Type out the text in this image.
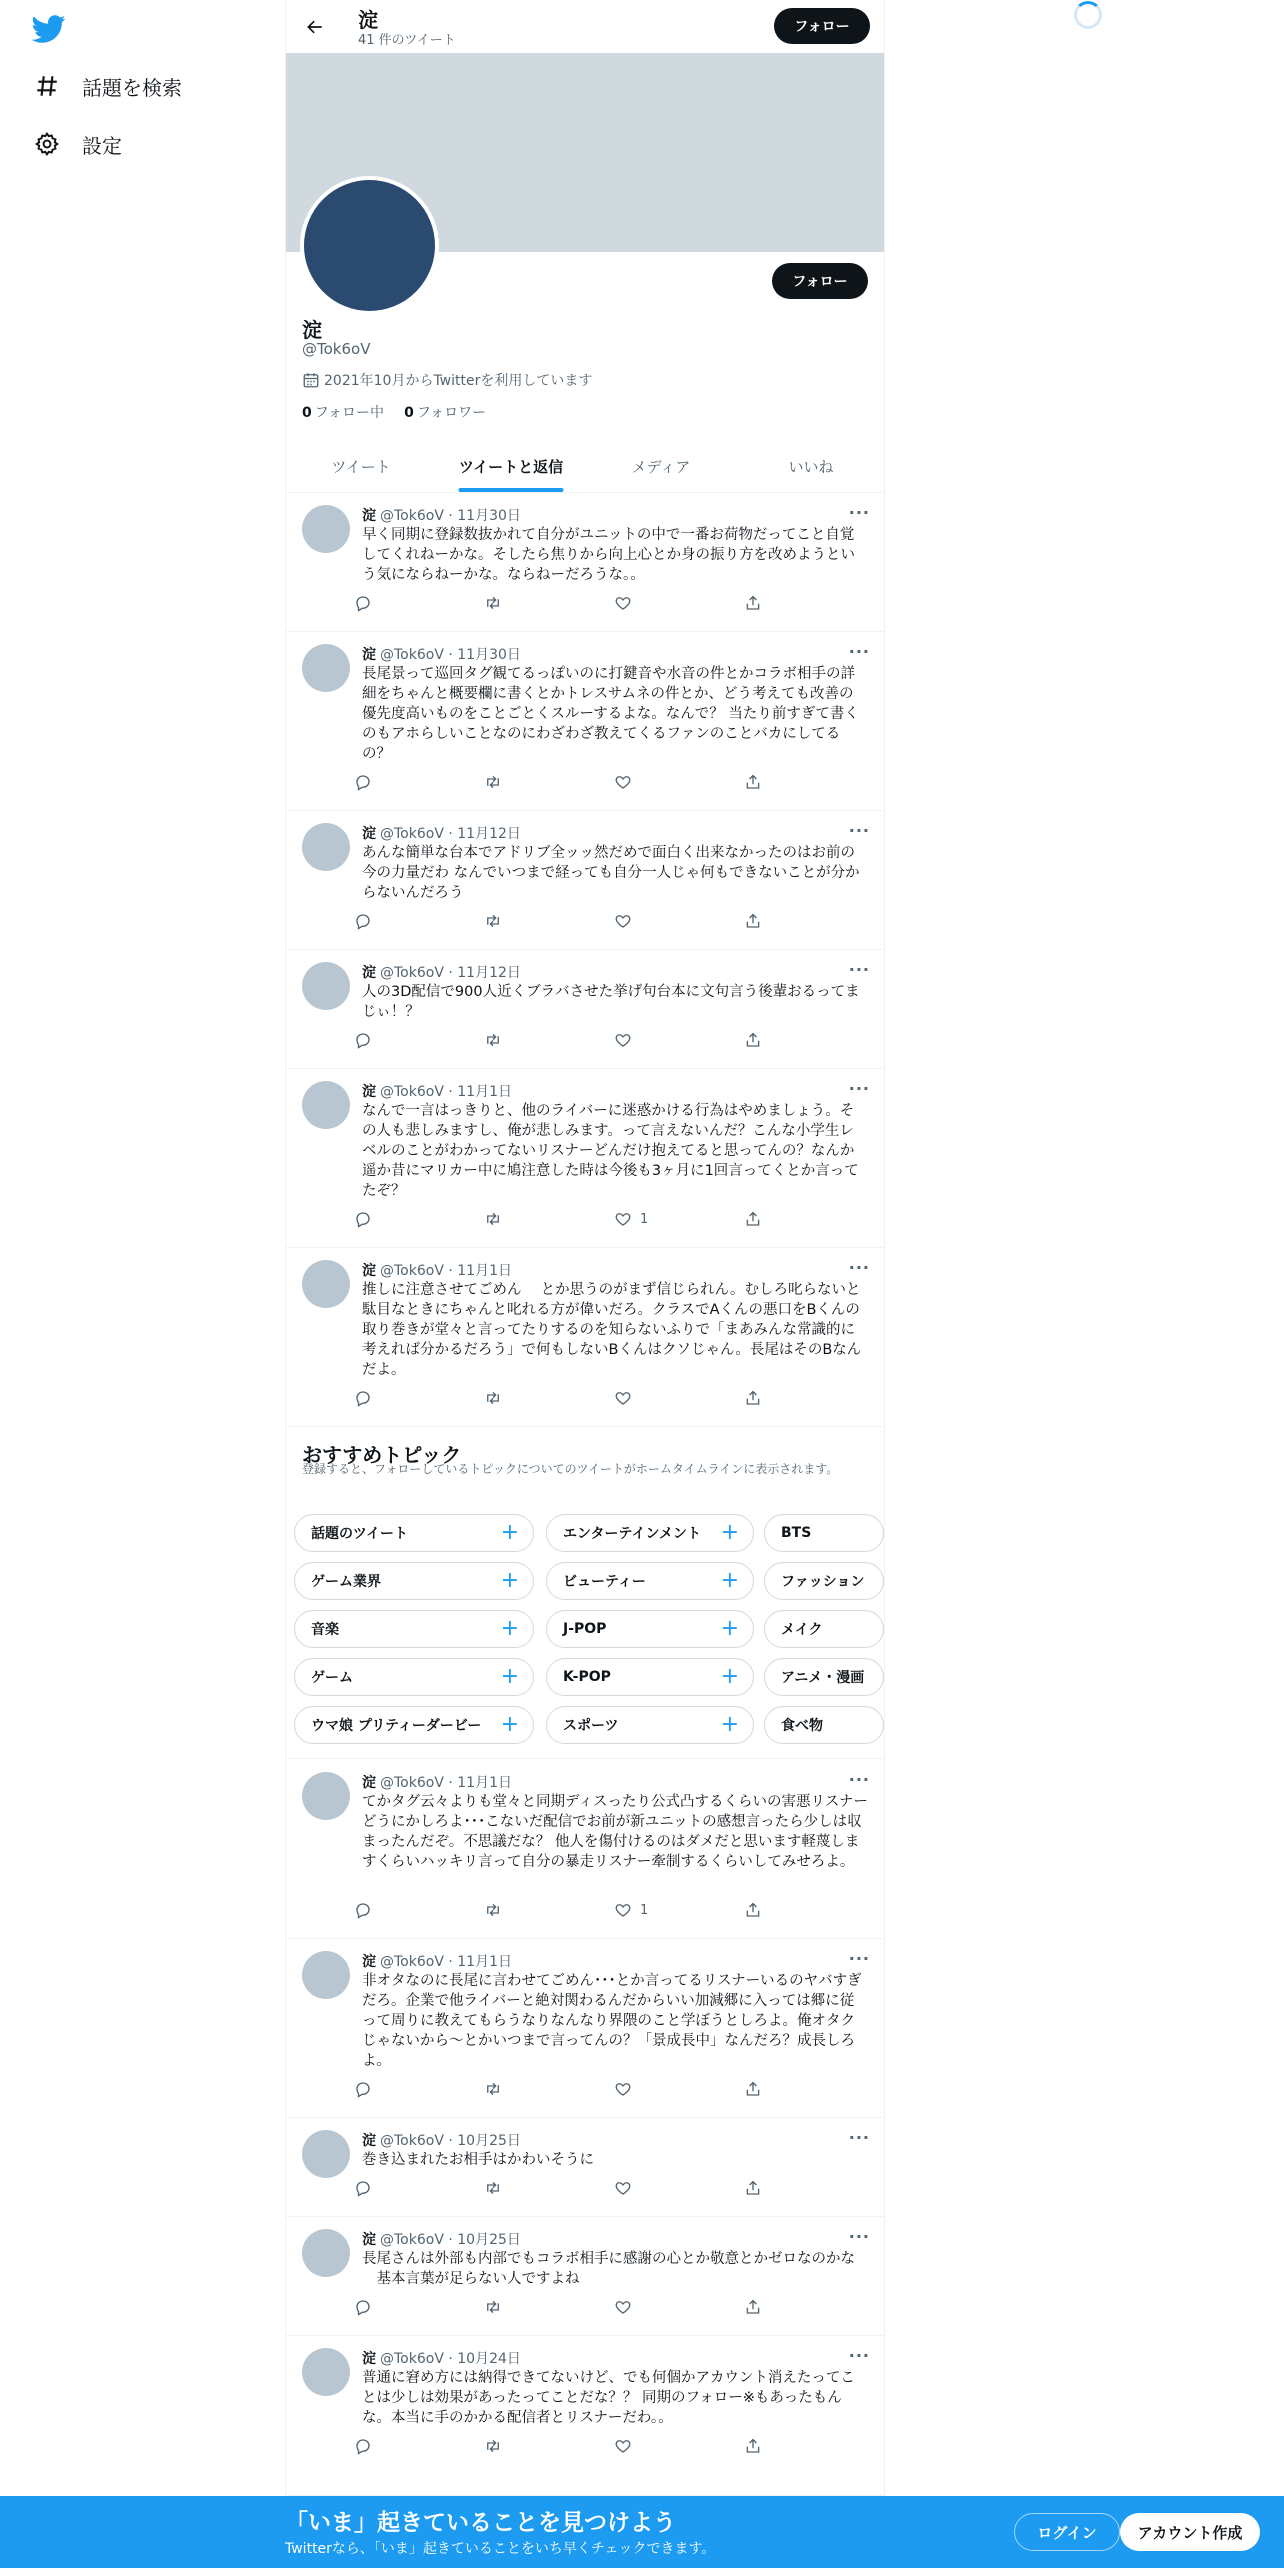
話題を検索
設定
淀
41 件のツイート
フォロー
フォロー
淀
@Tok6oV
2021年10月からTwitterを利用しています
0 フォロー中 0 フォロワー
ツイート	ツイートと返信	メディア	いいね
淀 @Tok6oV · 11月30日	···
早く同期に登録数抜かれて自分がユニットの中で一番お荷物だってこと自覚してくれねーかな。そしたら焦りから向上心とか身の振り方を改めようという気にならねーかな。ならねーだろうな。。
淀 @Tok6oV · 11月30日	···
長尾景って巡回タグ観てるっぽいのに打鍵音や水音の件とかコラボ相手の詳細をちゃんと概要欄に書くとかトレスサムネの件とか、どう考えても改善の優先度高いものをことごとくスルーするよな。なんで？ 当たり前すぎて書くのもアホらしいことなのにわざわざ教えてくるファンのことバカにしてるの？
淀 @Tok6oV · 11月12日	···
あんな簡単な台本でアドリブ全ッッ然だめで面白く出来なかったのはお前の今の力量だわ なんでいつまで経っても自分一人じゃ何もできないことが分からないんだろう
淀 @Tok6oV · 11月12日	···
人の3D配信で900人近くブラバさせた挙げ句台本に文句言う後輩おるってまじぃ！？
淀 @Tok6oV · 11月1日	···
なんで一言はっきりと、他のライバーに迷惑かける行為はやめましょう。その人も悲しみますし、俺が悲しみます。って言えないんだ？こんな小学生レベルのことがわかってないリスナーどんだけ抱えてると思ってんの？なんか遥か昔にマリカー中に鳩注意した時は今後も3ヶ月に1回言ってくとか言ってたぞ？
1
淀 @Tok6oV · 11月1日	···
推しに注意させてごめん 　とか思うのがまず信じられん。むしろ叱らないと駄目なときにちゃんと叱れる方が偉いだろ。クラスでAくんの悪口をBくんの取り巻きが堂々と言ってたりするのを知らないふりで「まあみんな常識的に考えれば分かるだろう」で何もしないBくんはクソじゃん。長尾はそのBなんだよ。
淀 @Tok6oV · 11月1日	···
てかタグ云々よりも堂々と同期ディスったり公式凸するくらいの害悪リスナーどうにかしろよ･･･こないだ配信でお前が新ユニットの感想言ったら少しは収まったんだぞ。不思議だな？ 他人を傷付けるのはダメだと思います軽蔑しますくらいハッキリ言って自分の暴走リスナー牽制するくらいしてみせろよ。
1
淀 @Tok6oV · 11月1日	···
非オタなのに長尾に言わせてごめん･･･とか言ってるリスナーいるのヤバすぎだろ。企業で他ライバーと絶対関わるんだからいい加減郷に入っては郷に従って周りに教えてもらうなりなんなり界隈のこと学ぼうとしろよ。俺オタクじゃないから〜とかいつまで言ってんの？「景成長中」なんだろ？成長しろよ。
淀 @Tok6oV · 10月25日	···
巻き込まれたお相手はかわいそうに
淀 @Tok6oV · 10月25日	···
長尾さんは外部も内部でもコラボ相手に感謝の心とか敬意とかゼロなのかな 　基本言葉が足らない人ですよね
淀 @Tok6oV · 10月24日	···
普通に窘め方には納得できてないけど、でも何個かアカウント消えたってことは少しは効果があったってことだな？？ 同期のフォロー※もあったもんな。本当に手のかかる配信者とリスナーだわ。。
おすすめトピック
登録すると、フォローしているトピックについてのツイートがホームタイムラインに表示されます。
話題のツイート	+	エンターテインメント +	BTS
ゲーム業界	+	ビューティー	+	ファッション
音楽	+	J-POP	+	メイク
ゲーム	+	K-POP	+	アニメ・漫画
ウマ娘 プリティーダービー +	スポーツ	+	食べ物
「いま」起きていることを見つけよう
Twitterなら、「いま」起きていることをいち早くチェックできます。
ログイン	アカウント作成
